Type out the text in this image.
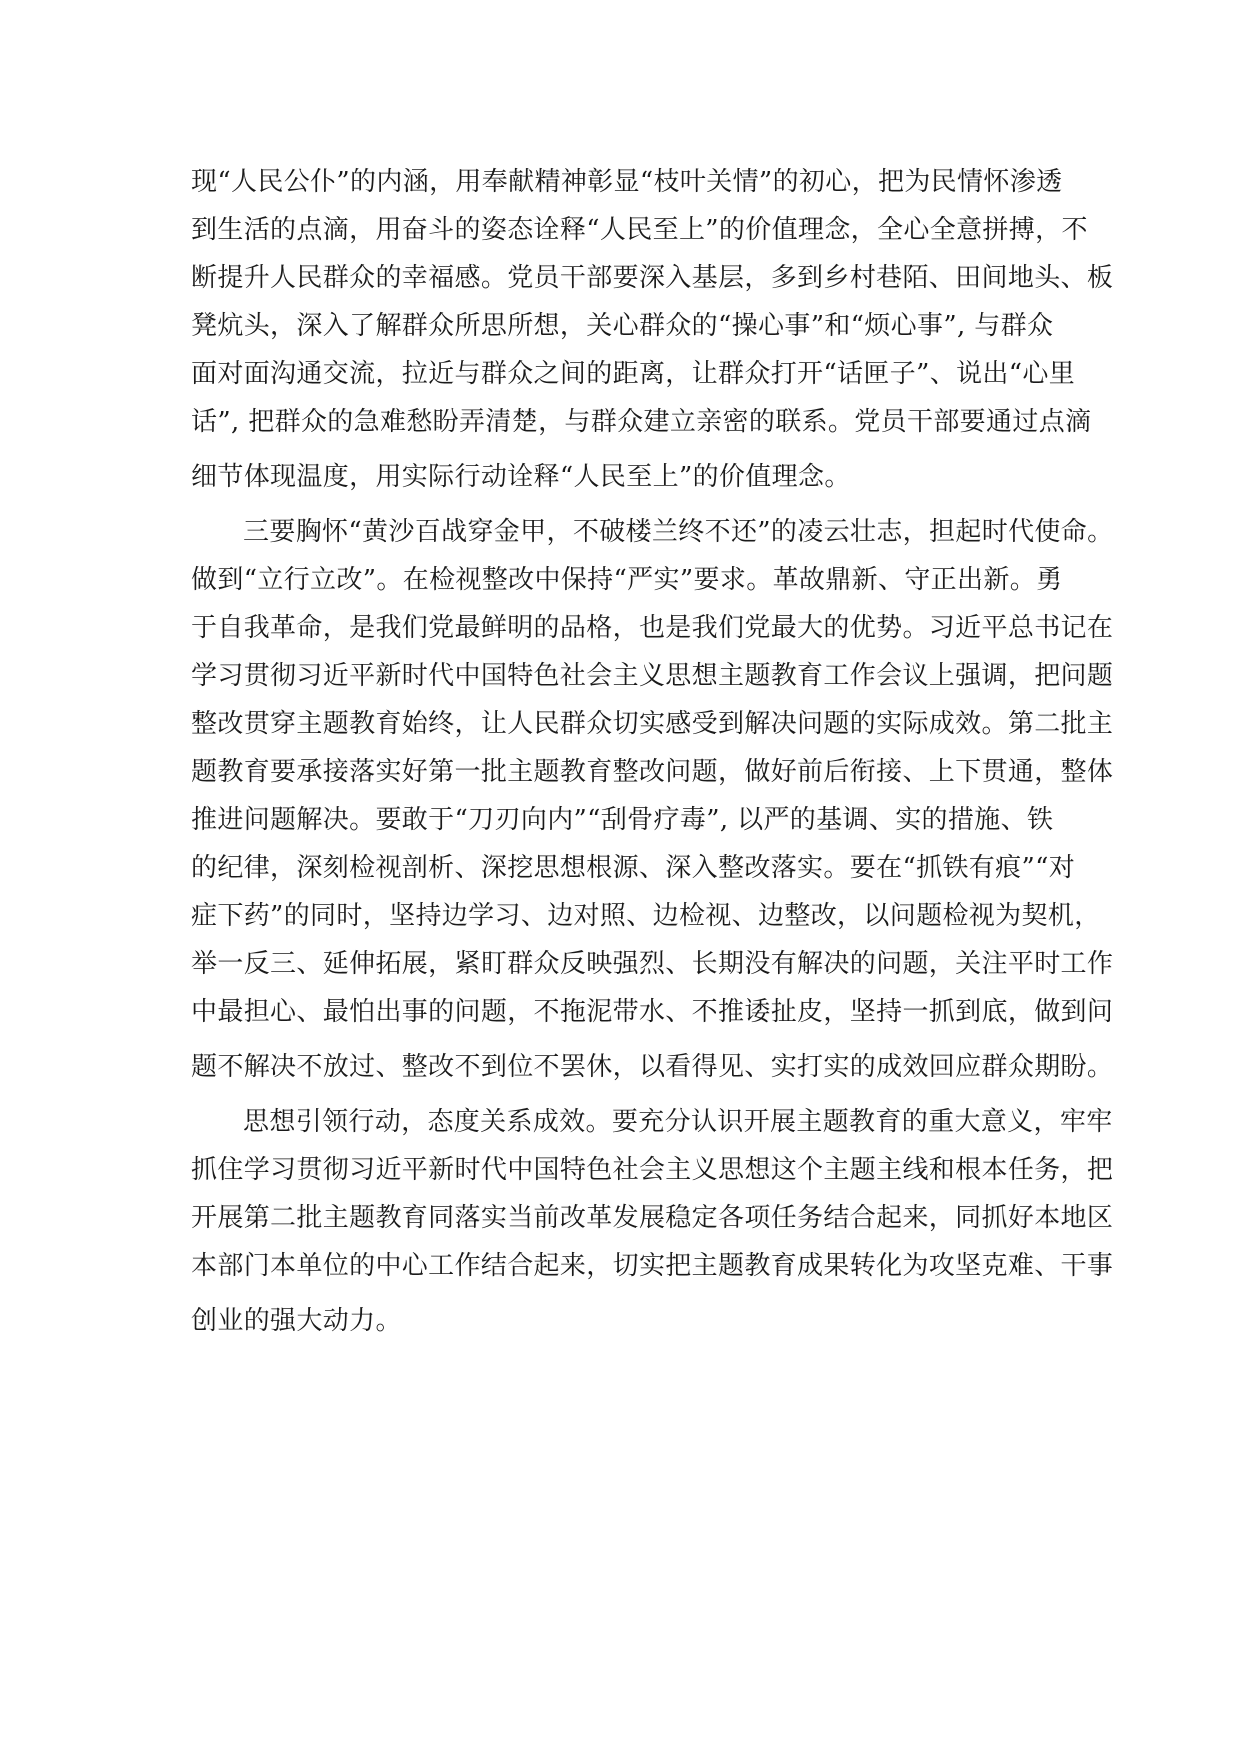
现“人民公仆”的内涵，用奉献精神彰显“枝叶关情”的初心，把为民情怀渗透
到生活的点滴，用奋斗的姿态诠释“人民至上”的价值理念，全心全意拼搏，不
断提升人民群众的幸福感。党员干部要深入基层，多到乡村巷陌、田间地头、板
凳炕头，深入了解群众所思所想，关心群众的“操心事”和“烦心事”, 与群众
面对面沟通交流，拉近与群众之间的距离，让群众打开“话匣子”、说出“心里
话”, 把群众的急难愁盼弄清楚，与群众建立亲密的联系。党员干部要通过点滴
细节体现温度，用实际行动诠释“人民至上”的价值理念。
三要胸怀“黄沙百战穿金甲，不破楼兰终不还”的凌云壮志，担起时代使命。
做到“立行立改”。在检视整改中保持“严实”要求。革故鼎新、守正出新。勇
于自我革命，是我们党最鲜明的品格，也是我们党最大的优势。习近平总书记在
学习贯彻习近平新时代中国特色社会主义思想主题教育工作会议上强调，把问题
整改贯穿主题教育始终，让人民群众切实感受到解决问题的实际成效。第二批主
题教育要承接落实好第一批主题教育整改问题，做好前后衔接、上下贯通，整体
推进问题解决。要敢于“刀刃向内”“刮骨疗毒”, 以严的基调、实的措施、铁
的纪律，深刻检视剖析、深挖思想根源、深入整改落实。要在“抓铁有痕”“对
症下药”的同时，坚持边学习、边对照、边检视、边整改，以问题检视为契机，
举一反三、延伸拓展，紧盯群众反映强烈、长期没有解决的问题，关注平时工作
中最担心、最怕出事的问题，不拖泥带水、不推诿扯皮，坚持一抓到底，做到问
题不解决不放过、整改不到位不罢休，以看得见、实打实的成效回应群众期盼。
思想引领行动，态度关系成效。要充分认识开展主题教育的重大意义，牢牢
抓住学习贯彻习近平新时代中国特色社会主义思想这个主题主线和根本任务，把
开展第二批主题教育同落实当前改革发展稳定各项任务结合起来，同抓好本地区
本部门本单位的中心工作结合起来，切实把主题教育成果转化为攻坚克难、干事
创业的强大动力。
